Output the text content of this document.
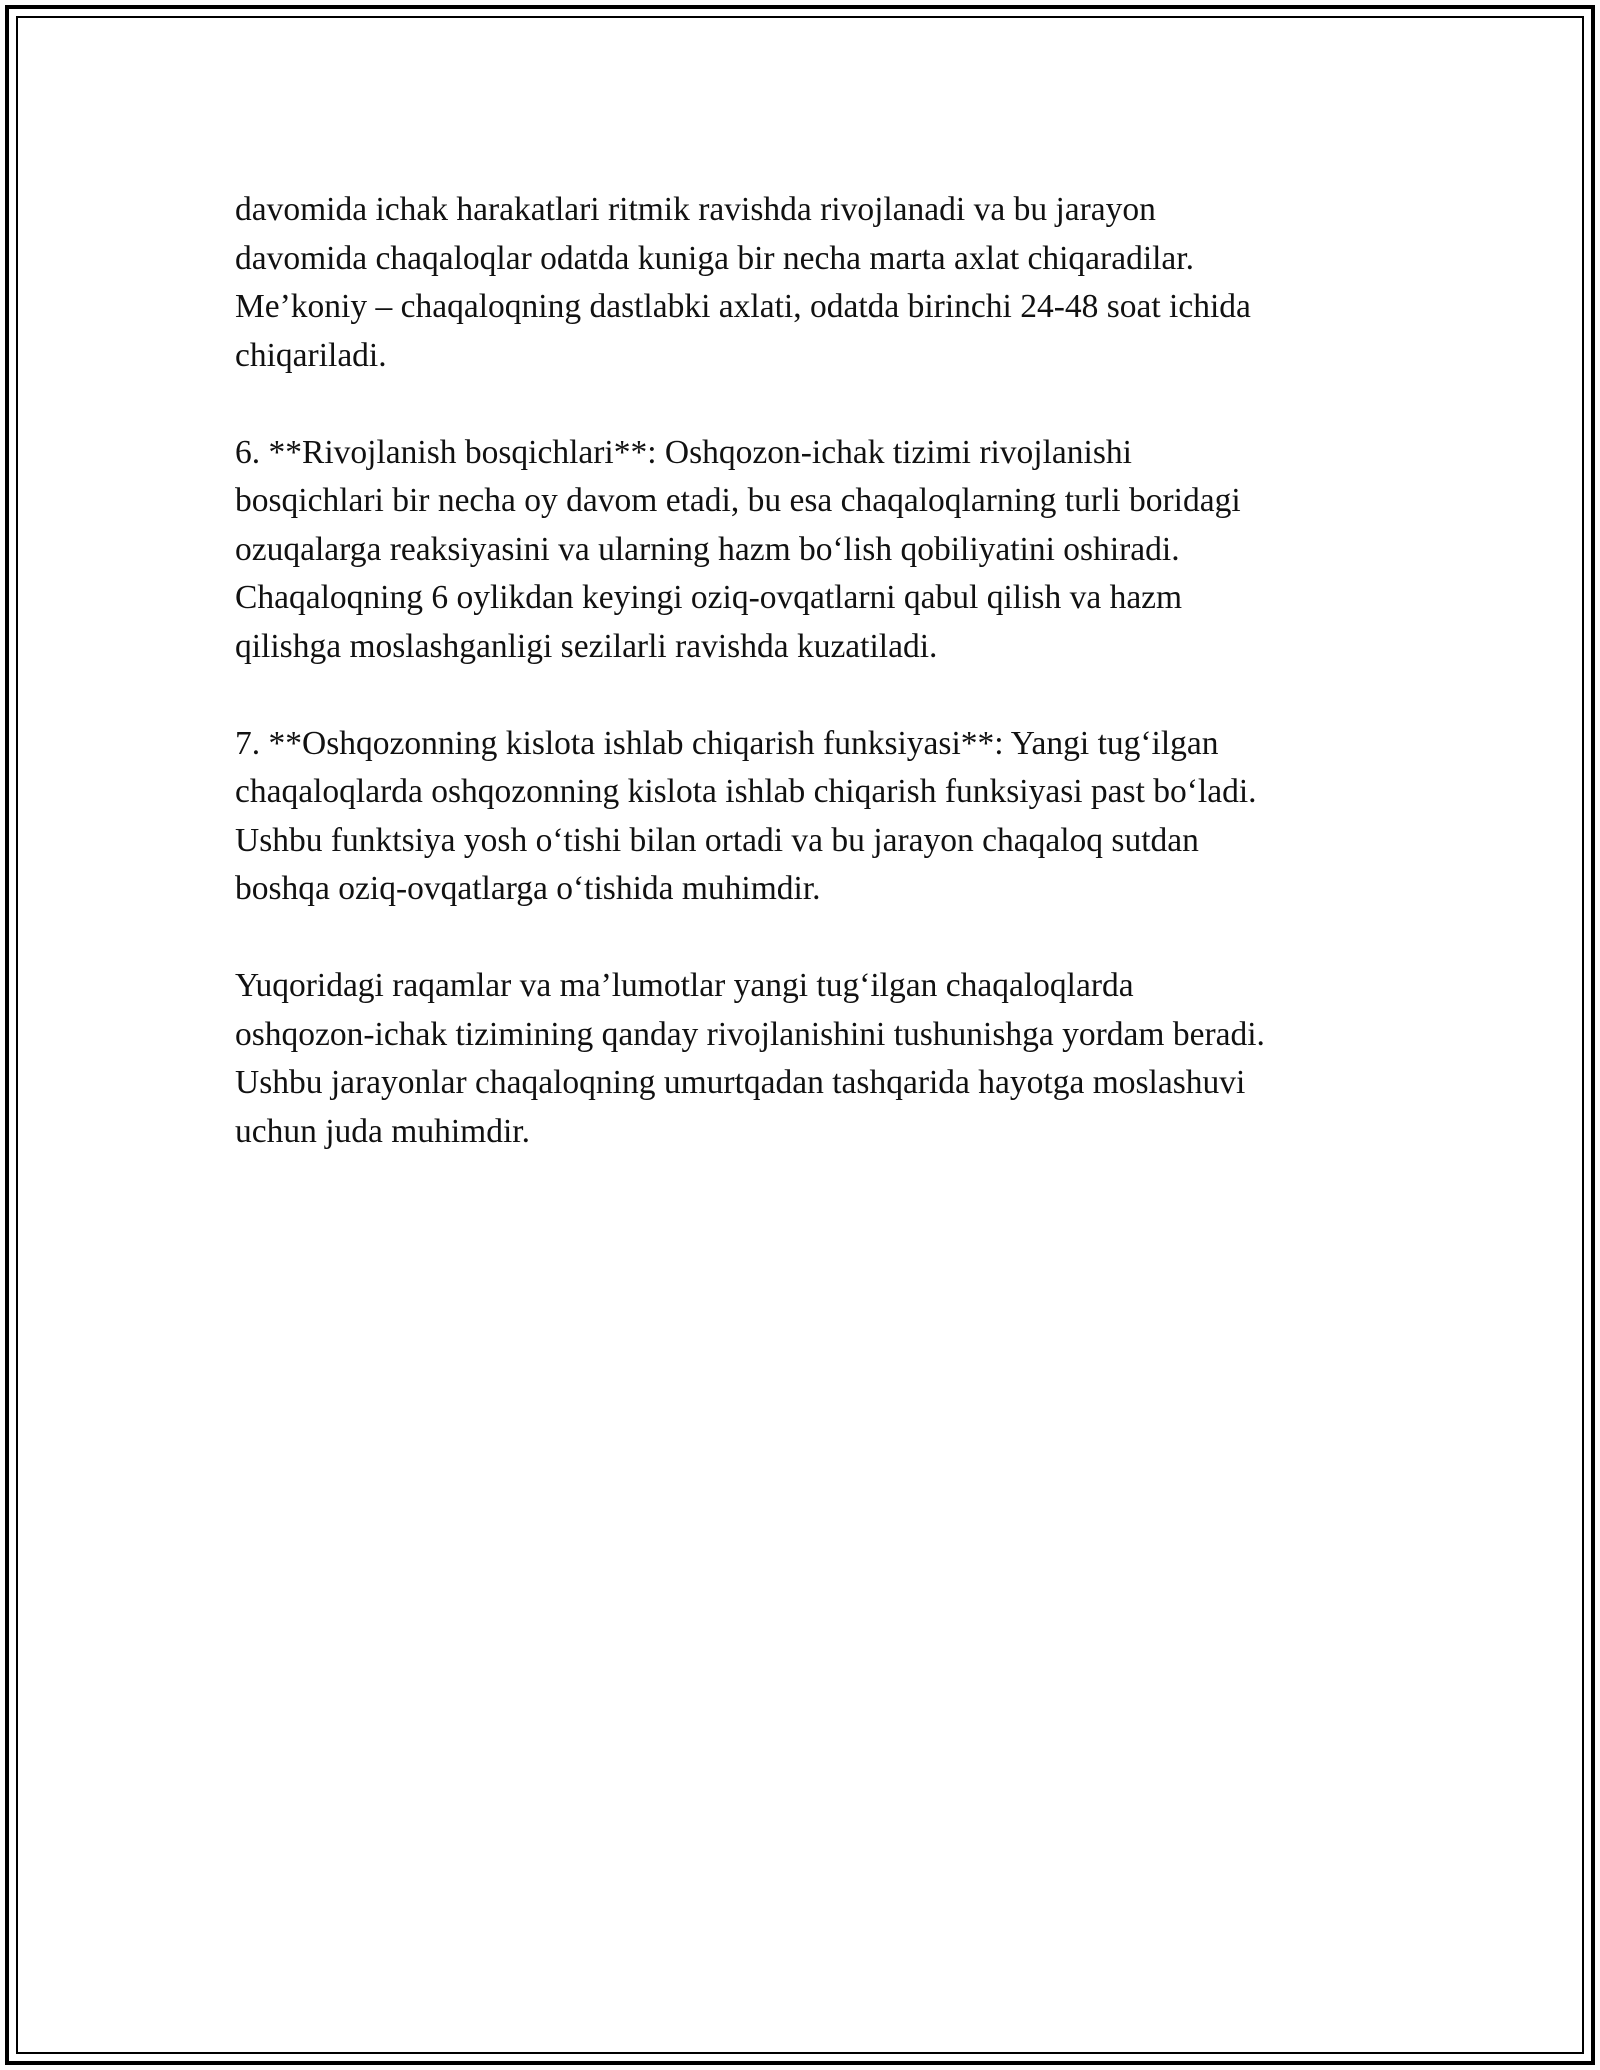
davomida ichak harakatlari ritmik ravishda rivojlanadi va bu jarayon
davomida chaqaloqlar odatda kuniga bir necha marta axlat chiqaradilar.
Me’koniy – chaqaloqning dastlabki axlati, odatda birinchi 24-48 soat ichida
chiqariladi.

6. **Rivojlanish bosqichlari**: Oshqozon-ichak tizimi rivojlanishi
bosqichlari bir necha oy davom etadi, bu esa chaqaloqlarning turli boridagi
ozuqalarga reaksiyasini va ularning hazm bo‘lish qobiliyatini oshiradi.
Chaqaloqning 6 oylikdan keyingi oziq-ovqatlarni qabul qilish va hazm
qilishga moslashganligi sezilarli ravishda kuzatiladi.

7. **Oshqozonning kislota ishlab chiqarish funksiyasi**: Yangi tug‘ilgan
chaqaloqlarda oshqozonning kislota ishlab chiqarish funksiyasi past bo‘ladi.
Ushbu funktsiya yosh o‘tishi bilan ortadi va bu jarayon chaqaloq sutdan
boshqa oziq-ovqatlarga o‘tishida muhimdir.

Yuqoridagi raqamlar va ma’lumotlar yangi tug‘ilgan chaqaloqlarda
oshqozon-ichak tizimining qanday rivojlanishini tushunishga yordam beradi.
Ushbu jarayonlar chaqaloqning umurtqadan tashqarida hayotga moslashuvi
uchun juda muhimdir.
